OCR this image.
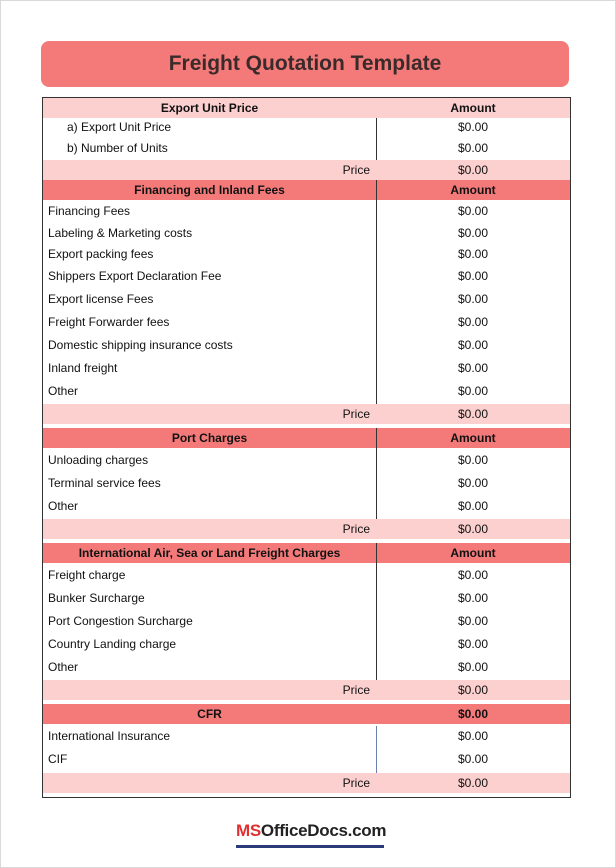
Freight Quotation Template
Export Unit Price	Amount
a) Export Unit Price	$0.00
b) Number of Units	$0.00
Price	$0.00
Financing and Inland Fees	Amount
Financing Fees	$0.00
Labeling & Marketing costs	$0.00
Export packing fees	$0.00
Shippers Export Declaration Fee	$0.00
Export license Fees	$0.00
Freight Forwarder fees	$0.00
Domestic shipping insurance costs	$0.00
Inland freight	$0.00
Other	$0.00
Price	$0.00
Port Charges	Amount
Unloading charges	$0.00
Terminal service fees	$0.00
Other	$0.00
Price	$0.00
International Air, Sea or Land Freight Charges	Amount
Freight charge	$0.00
Bunker Surcharge	$0.00
Port Congestion Surcharge	$0.00
Country Landing charge	$0.00
Other	$0.00
Price	$0.00
CFR	$0.00
International Insurance	$0.00
CIF	$0.00
Price	$0.00
MSOfficeDocs.com
